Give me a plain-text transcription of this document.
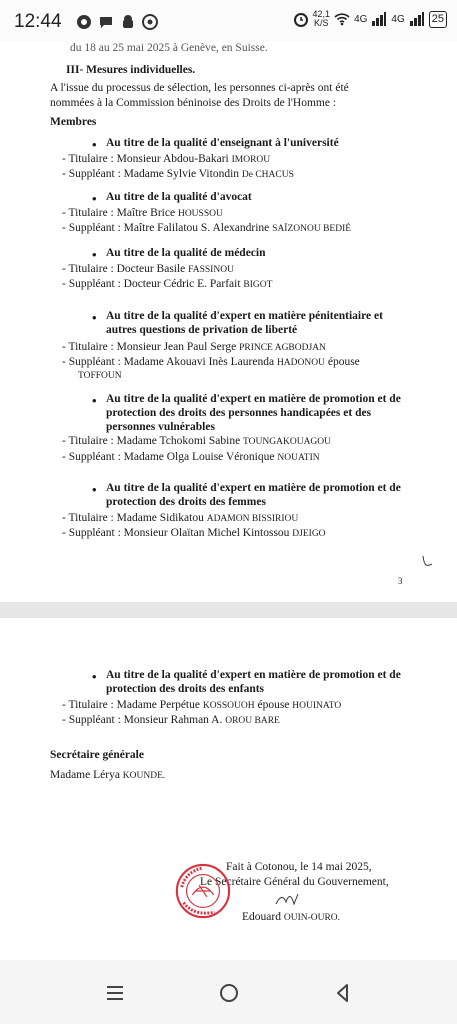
12:44	42,1
K/S	4G 4G 25
du 18 au 25 mai 2025 à Genève, en Suisse.
III- Mesures individuelles.
A l'issue du processus de sélection, les personnes ci-après ont été
nommées à la Commission béninoise des Droits de l'Homme :
Membres
• Au titre de la qualité d'enseignant à l'université
- Titulaire : Monsieur Abdou-Bakari IMOROU
- Suppléant : Madame Sylvie Vitondin De CHACUS
• Au titre de la qualité d'avocat
- Titulaire : Maître Brice HOUSSOU
- Suppléant : Maître Falilatou S. Alexandrine SAÏZONOU BEDIÉ
• Au titre de la qualité de médecin
- Titulaire : Docteur Basile FASSINOU
- Suppléant : Docteur Cédric E. Parfait BIGOT
• Au titre de la qualité d'expert en matière pénitentiaire et
autres questions de privation de liberté
- Titulaire : Monsieur Jean Paul Serge PRINCE AGBODJAN
- Suppléant : Madame Akouavi Inès Laurenda HADONOU épouse
TOFFOUN
• Au titre de la qualité d'expert en matière de promotion et de
protection des droits des personnes handicapées et des
personnes vulnérables
- Titulaire : Madame Tchokomi Sabine TOUNGAKOUAGOU
- Suppléant : Madame Olga Louise Véronique NOUATIN
• Au titre de la qualité d'expert en matière de promotion et de
protection des droits des femmes
- Titulaire : Madame Sidikatou ADAMON BISSIRIOU
- Suppléant : Monsieur Olaïtan Michel Kintossou DJEIGO
3
• Au titre de la qualité d'expert en matière de promotion et de
protection des droits des enfants
- Titulaire : Madame Perpétue KOSSOUOH épouse HOUINATO
- Suppléant : Monsieur Rahman A. OROU BARE
Secrétaire générale
Madame Lérya KOUNDE.
Fait à Cotonou, le 14 mai 2025,
Le Secrétaire Général du Gouvernement,
Edouard OUIN-OURO.
